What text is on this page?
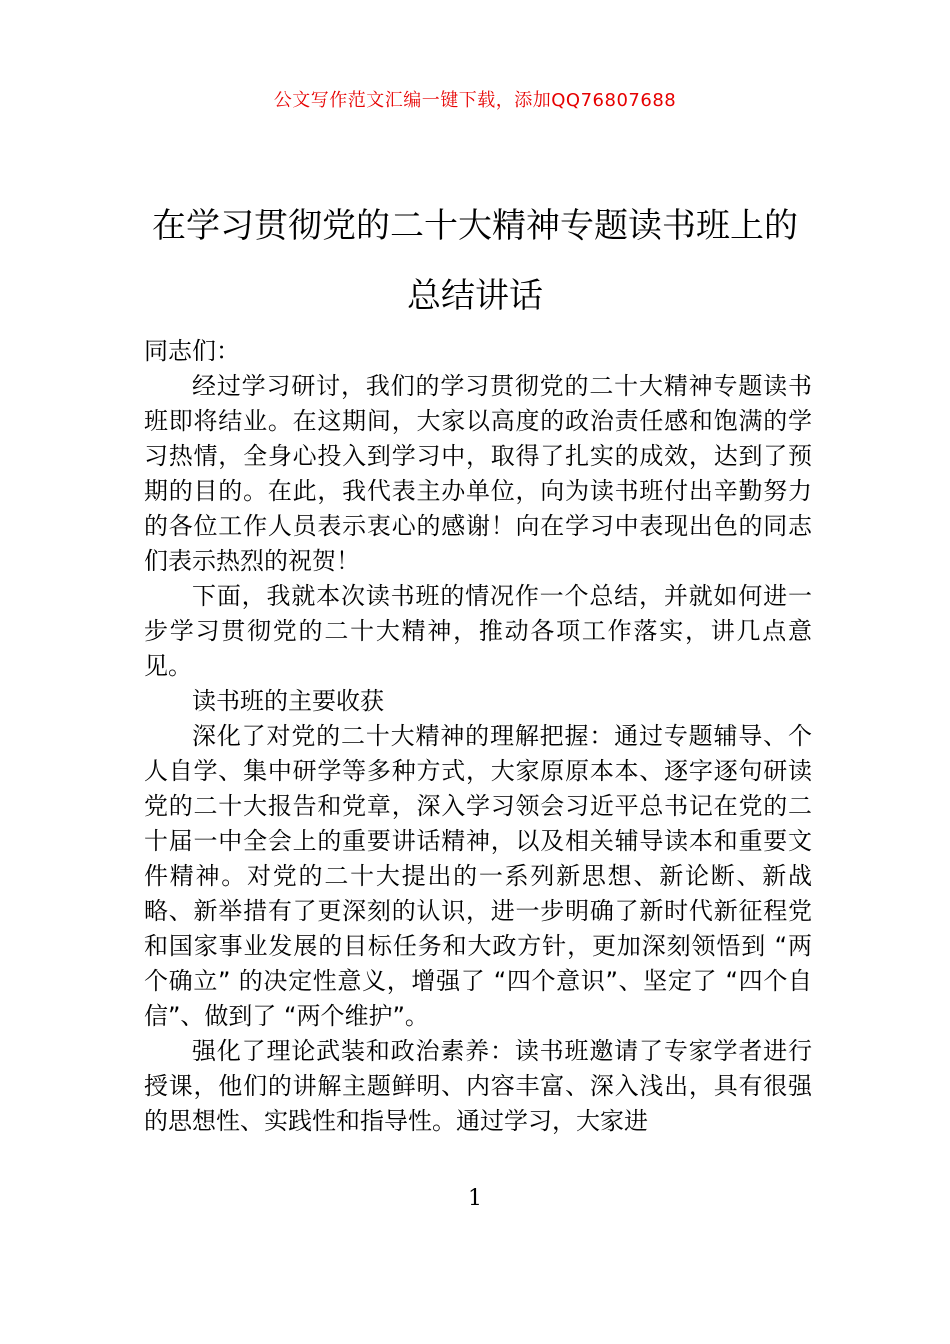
公文写作范文汇编一键下载，添加QQ76807688
在学习贯彻党的二十大精神专题读书班上的总结讲话

同志们：

经过学习研讨，我们的学习贯彻党的二十大精神专题读书班即将结业。在这期间，大家以高度的政治责任感和饱满的学习热情，全身心投入到学习中，取得了扎实的成效，达到了预期的目的。在此，我代表主办单位，向为读书班付出辛勤努力的各位工作人员表示衷心的感谢！向在学习中表现出色的同志们表示热烈的祝贺！

下面，我就本次读书班的情况作一个总结，并就如何进一步学习贯彻党的二十大精神，推动各项工作落实，讲几点意见。

读书班的主要收获

深化了对党的二十大精神的理解把握：通过专题辅导、个人自学、集中研学等多种方式，大家原原本本、逐字逐句研读党的二十大报告和党章，深入学习领会习近平总书记在党的二十届一中全会上的重要讲话精神，以及相关辅导读本和重要文件精神。对党的二十大提出的一系列新思想、新论断、新战略、新举措有了更深刻的认识，进一步明确了新时代新征程党和国家事业发展的目标任务和大政方针，更加深刻领悟到 “两个确立” 的决定性意义，增强了 “四个意识”、坚定了 “四个自信”、做到了 “两个维护”。

强化了理论武装和政治素养：读书班邀请了专家学者进行授课，他们的讲解主题鲜明、内容丰富、深入浅出，具有很强的思想性、实践性和指导性。通过学习，大家进

1
